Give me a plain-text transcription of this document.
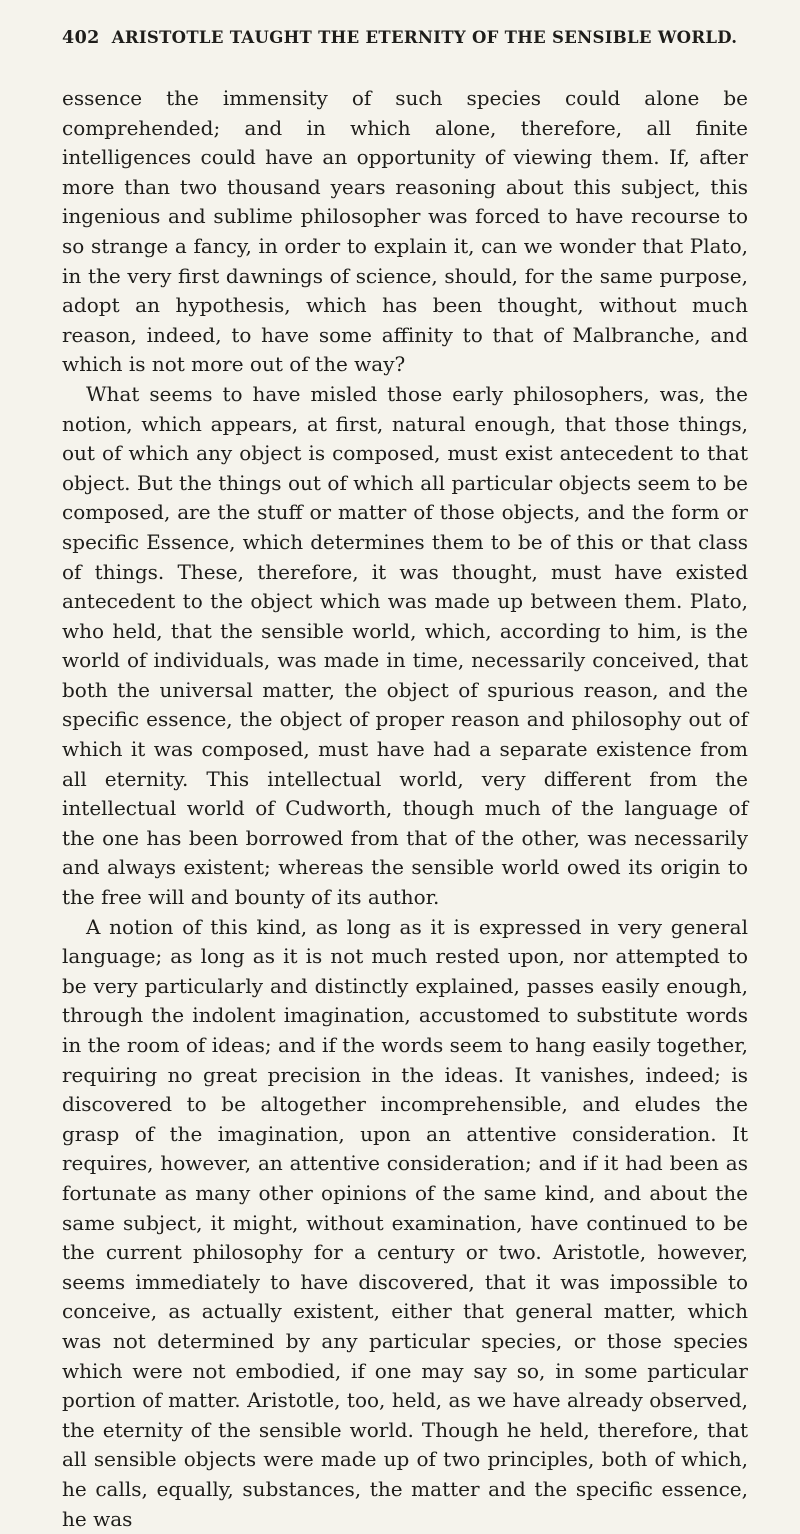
402 ARISTOTLE TAUGHT THE ETERNITY OF THE SENSIBLE WORLD.

essence the immensity of such species could alone be comprehended; and in which alone, therefore, all finite intelligences could have an opportunity of viewing them. If, after more than two thousand years reasoning about this subject, this ingenious and sublime philosopher was forced to have recourse to so strange a fancy, in order to explain it, can we wonder that Plato, in the very first dawnings of science, should, for the same purpose, adopt an hypothesis, which has been thought, without much reason, indeed, to have some affinity to that of Malbranche, and which is not more out of the way?

What seems to have misled those early philosophers, was, the notion, which appears, at first, natural enough, that those things, out of which any object is composed, must exist antecedent to that object. But the things out of which all particular objects seem to be composed, are the stuff or matter of those objects, and the form or specific Essence, which determines them to be of this or that class of things. These, therefore, it was thought, must have existed antecedent to the object which was made up between them. Plato, who held, that the sensible world, which, according to him, is the world of individuals, was made in time, necessarily conceived, that both the universal matter, the object of spurious reason, and the specific essence, the object of proper reason and philosophy out of which it was composed, must have had a separate existence from all eternity. This intellectual world, very different from the intellectual world of Cudworth, though much of the language of the one has been borrowed from that of the other, was necessarily and always existent; whereas the sensible world owed its origin to the free will and bounty of its author.

A notion of this kind, as long as it is expressed in very general language; as long as it is not much rested upon, nor attempted to be very particularly and distinctly explained, passes easily enough, through the indolent imagination, accustomed to substitute words in the room of ideas; and if the words seem to hang easily together, requiring no great precision in the ideas. It vanishes, indeed; is discovered to be altogether incomprehensible, and eludes the grasp of the imagination, upon an attentive consideration. It requires, however, an attentive consideration; and if it had been as fortunate as many other opinions of the same kind, and about the same subject, it might, without examination, have continued to be the current philosophy for a century or two. Aristotle, however, seems immediately to have discovered, that it was impossible to conceive, as actually existent, either that general matter, which was not determined by any particular species, or those species which were not embodied, if one may say so, in some particular portion of matter. Aristotle, too, held, as we have already observed, the eternity of the sensible world. Though he held, therefore, that all sensible objects were made up of two principles, both of which, he calls, equally, substances, the matter and the specific essence, he was
